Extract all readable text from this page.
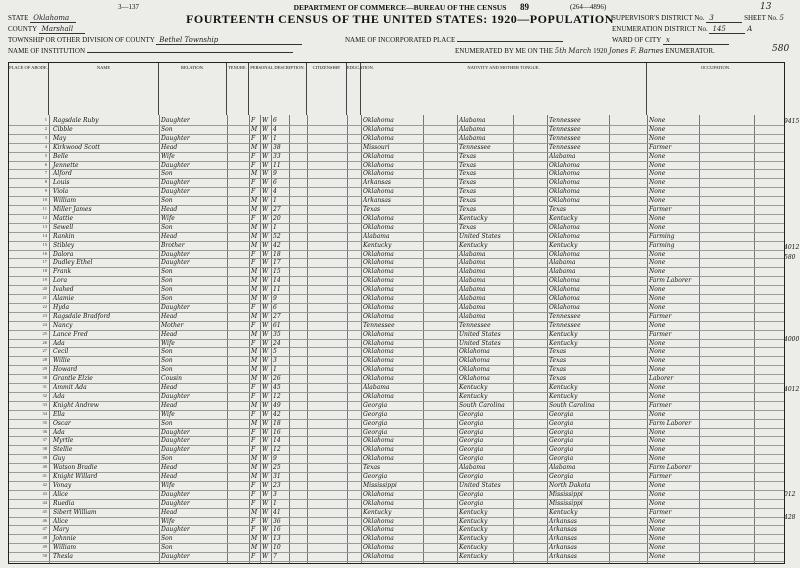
3—137	89	(264—4896)	13
DEPARTMENT OF COMMERCE—BUREAU OF THE CENSUS
FOURTEENTH CENSUS OF THE UNITED STATES: 1920—POPULATION
STATE Oklahoma
COUNTY Marshall
TOWNSHIP OR OTHER DIVISION OF COUNTY Bethel Township	NAME OF INCORPORATED PLACE
NAME OF INSTITUTION
SUPERVISOR'S DISTRICT No. 3	SHEET No. 5
ENUMERATION DISTRICT No. 145	A
WARD OF CITY x
580
ENUMERATED BY ME ON THE 5th March 1920 Jones F. Barnes ENUMERATOR.
PLACE OF ABODE.	NAME	RELATION.	TENURE. PERSONAL DESCRIPTION.	CITIZENSHIP.	EDUCATION.	NATIVITY AND MOTHER TONGUE.	OCCUPATION.
1 Ragsdale Ruby	Daughter	F	W 6	Oklahoma	Alabama	Tennessee	None
2 Cibble	Son	M W 4	Oklahoma	Alabama	Tennessee	None
3 May	Daughter	F	W 1	Oklahoma	Alabama	Tennessee	None
4 Kirkwood Scott	Head	M W 38	Missouri	Tennessee	Tennessee	Farmer
5 Belle	Wife	F	W 33	Oklahoma	Texas	Alabama	None
6 Jennette	Daughter	F	W 11	Oklahoma	Texas	Oklahoma	None
7 Alford	Son	M W 9	Oklahoma	Texas	Oklahoma	None
8 Louis	Daughter	F	W 6	Arkansas	Texas	Oklahoma	None
9 Viola	Daughter	F	W 4	Oklahoma	Texas	Oklahoma	None
10 William	Son	M W 1	Arkansas	Texas	Oklahoma	None
11 Miller James	Head	M W 27	Texas	Texas	Texas	Farmer
12 Mattie	Wife	F	W 20	Oklahoma	Kentucky	Kentucky	None
13 Sewell	Son	M W 1	Oklahoma	Texas	Oklahoma	None
14 Rankin	Head	M W 52	Alabama	United States	Oklahoma	Farming
15 Stibley	Brother	M W 42	Kentucky	Kentucky	Kentucky	Farming
16 Dalora	Daughter	F	W 18	Oklahoma	Alabama	Oklahoma	None
17 Dudley Ethel	Daughter	F	W 17	Oklahoma	Alabama	Alabama	None
18 Frank	Son	M W 15	Oklahoma	Alabama	Alabama	None
19 Lora	Son	M W 14	Oklahoma	Alabama	Oklahoma	Farm Laborer
20 Ivahed	Son	M W 11	Oklahoma	Alabama	Oklahoma	None
21 Alamie	Son	M W 9	Oklahoma	Alabama	Oklahoma	None
22 Hyda	Daughter	F	W 6	Oklahoma	Alabama	Oklahoma	None
23 Ragsdale Bradford	Head	M W 27	Oklahoma	Alabama	Tennessee	Farmer
24 Nancy	Mother	F	W 61	Tennessee	Tennessee	Tennessee	None
25 Lance Fred	Head	M W 35	Oklahoma	United States	Kentucky	Farmer
26 Ada	Wife	F	W 24	Oklahoma	United States	Kentucky	None
27 Cecil	Son	M W 5	Oklahoma	Oklahoma	Texas	None
28 Willie	Son	M W 3	Oklahoma	Oklahoma	Texas	None
29 Howard	Son	M W 1	Oklahoma	Oklahoma	Texas	None
30 Grantle Elzie	Cousin	M W 26	Oklahoma	Oklahoma	Texas	Laborer
31 Ammit Ada	Head	F	W 45	Alabama	Kentucky	Kentucky	None
32 Ada	Daughter	F	W 12	Oklahoma	Kentucky	Kentucky	None
33 Knight Andrew	Head	M W 49	Georgia	South Carolina	South Carolina	Farmer
34 Ella	Wife	F	W 42	Georgia	Georgia	Georgia	None
35 Oscar	Son	M W 18	Georgia	Georgia	Georgia	Farm Laborer
36 Ada	Daughter	F	W 16	Georgia	Georgia	Georgia	None
37 Myrtle	Daughter	F	W 14	Oklahoma	Georgia	Georgia	None
38 Stellie	Daughter	F	W 12	Oklahoma	Georgia	Georgia	None
39 Guy	Son	M W 9	Oklahoma	Georgia	Georgia	None
40 Watson Bradie	Head	M W 25	Texas	Alabama	Alabama	Farm Laborer
41 Knight Willard	Head	M W 31	Georgia	Georgia	Georgia	Farmer
42 Vonay	Wife	F	W 23	Mississippi	United States	North Dakota	None
43 Alice	Daughter	F	W 3	Oklahoma	Georgia	Mississippi	None
44 Ruedia	Daughter	F	W 1	Oklahoma	Georgia	Mississippi	None
45 Sibert William	Head	M W 41	Kentucky	Kentucky	Kentucky	Farmer
46 Alice	Wife	F	W 36	Oklahoma	Kentucky	Arkansas	None
47 Mary	Daughter	F	W 16	Oklahoma	Kentucky	Arkansas	None
48 Johnnie	Son	M W 13	Oklahoma	Kentucky	Arkansas	None
49 William	Son	M W 10	Oklahoma	Kentucky	Arkansas	None
50 Thesla	Daughter	F	W 7	Oklahoma	Kentucky	Arkansas	None
9415
4012
580
4000
4012
012
428
